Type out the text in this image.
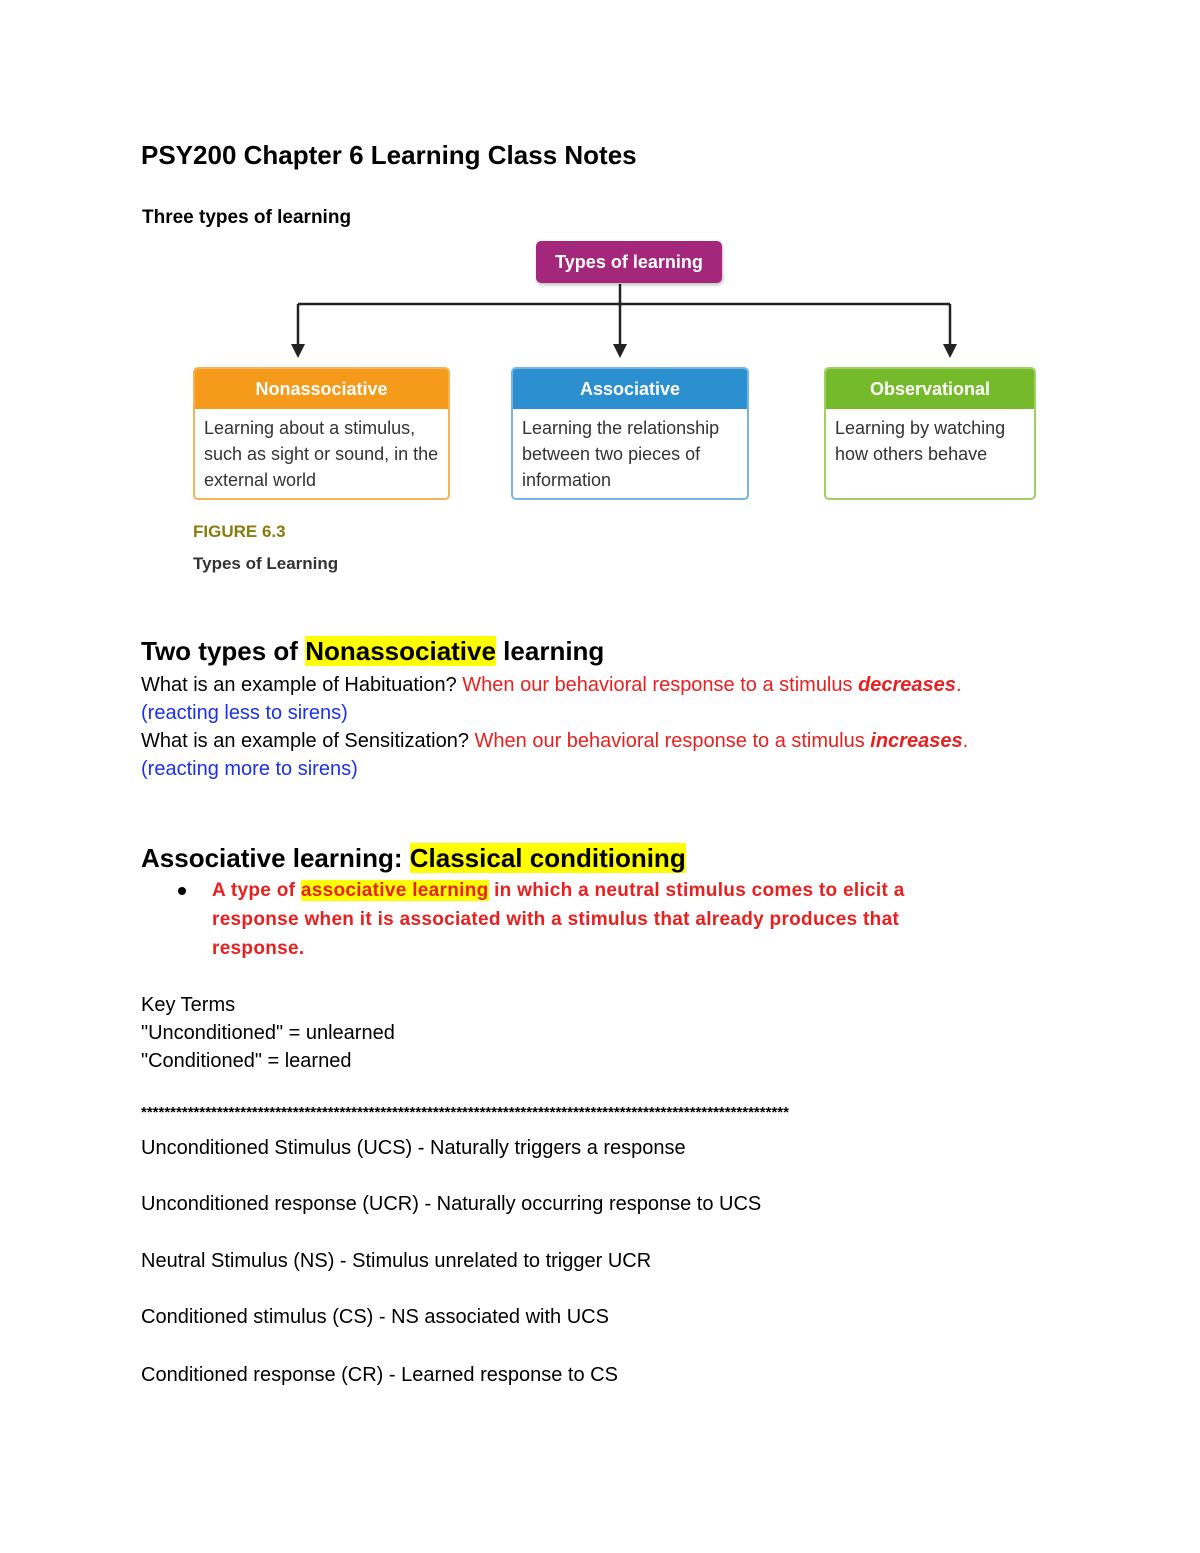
PSY200 Chapter 6 Learning Class Notes
Three types of learning
Types of learning
Nonassociative
Learning about a stimulus, such as sight or sound, in the external world
Associative
Learning the relationship between two pieces of information
Observational
Learning by watching how others behave
FIGURE 6.3
Types of Learning
Two types of Nonassociative learning
What is an example of Habituation? When our behavioral response to a stimulus decreases.
(reacting less to sirens)
What is an example of Sensitization? When our behavioral response to a stimulus increases.
(reacting more to sirens)
Associative learning: Classical conditioning
A type of associative learning in which a neutral stimulus comes to elicit a response when it is associated with a stimulus that already produces that response.
Key Terms
"Unconditioned" = unlearned
"Conditioned" = learned
***************************************************************************************************************
Unconditioned Stimulus (UCS) - Naturally triggers a response
Unconditioned response (UCR) - Naturally occurring response to UCS
Neutral Stimulus (NS) - Stimulus unrelated to trigger UCR
Conditioned stimulus (CS) - NS associated with UCS
Conditioned response (CR) - Learned response to CS
